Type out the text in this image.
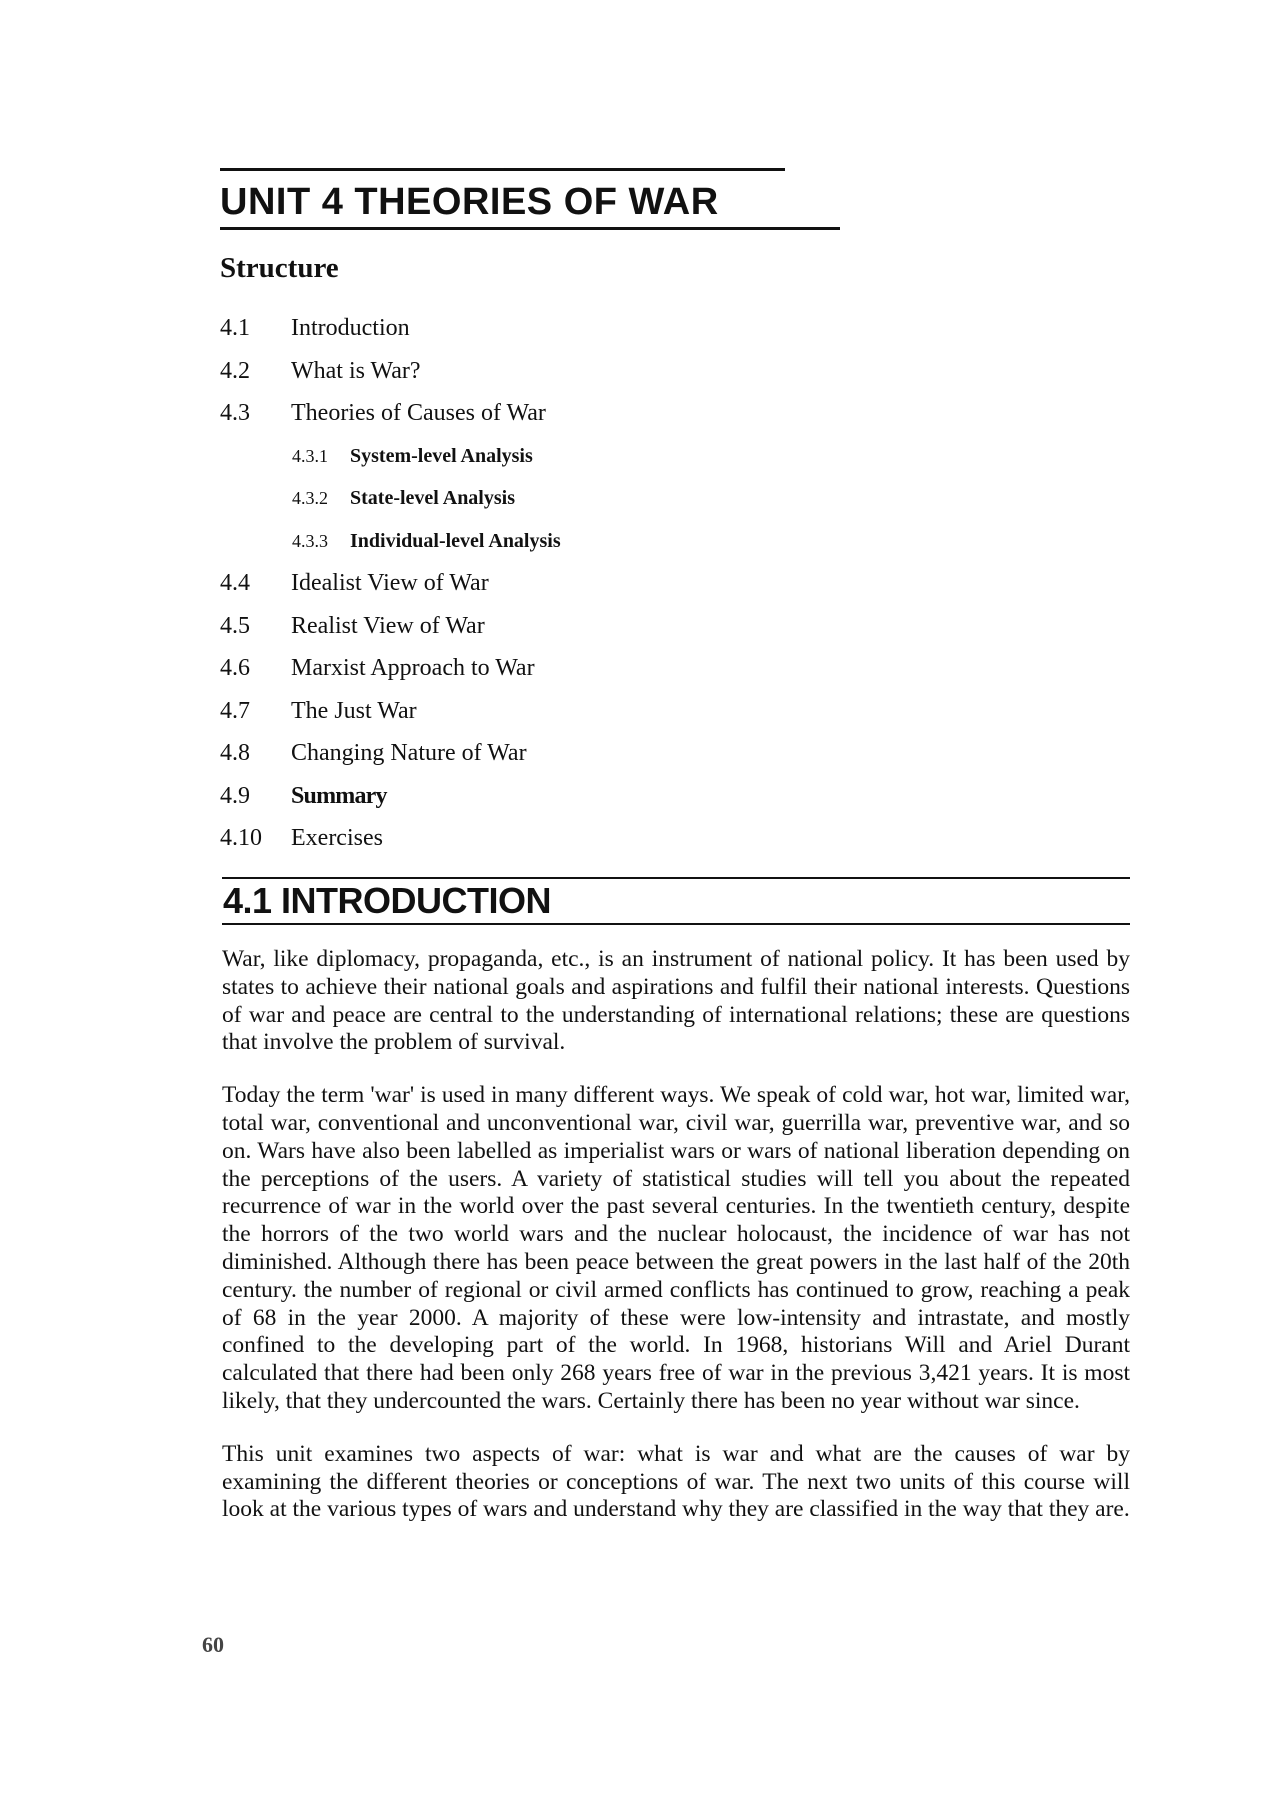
UNIT 4 THEORIES OF WAR
Structure
4.1 Introduction
4.2 What is War?
4.3 Theories of Causes of War
4.3.1 System-level Analysis
4.3.2 State-level Analysis
4.3.3 Individual-level Analysis
4.4 Idealist View of War
4.5 Realist View of War
4.6 Marxist Approach to War
4.7 The Just War
4.8 Changing Nature of War
4.9 Summary
4.10 Exercises
4.1 INTRODUCTION

War, like diplomacy, propaganda, etc., is an instrument of national policy. It has been used by states to achieve their national goals and aspirations and fulfil their national interests. Questions of war and peace are central to the understanding of international relations; these are questions that involve the problem of survival.

Today the term 'war' is used in many different ways. We speak of cold war, hot war, limited war, total war, conventional and unconventional war, civil war, guerrilla war, preventive war, and so on. Wars have also been labelled as imperialist wars or wars of national liberation depending on the perceptions of the users. A variety of statistical studies will tell you about the repeated recurrence of war in the world over the past several centuries. In the twentieth century, despite the horrors of the two world wars and the nuclear holocaust, the incidence of war has not diminished. Although there has been peace between the great powers in the last half of the 20th century. the number of regional or civil armed conflicts has continued to grow, reaching a peak of 68 in the year 2000. A majority of these were low-intensity and intrastate, and mostly confined to the developing part of the world. In 1968, historians Will and Ariel Durant calculated that there had been only 268 years free of war in the previous 3,421 years. It is most likely, that they undercounted the wars. Certainly there has been no year without war since.

This unit examines two aspects of war: what is war and what are the causes of war by examining the different theories or conceptions of war. The next two units of this course will look at the various types of wars and understand why they are classified in the way that they are.

60
